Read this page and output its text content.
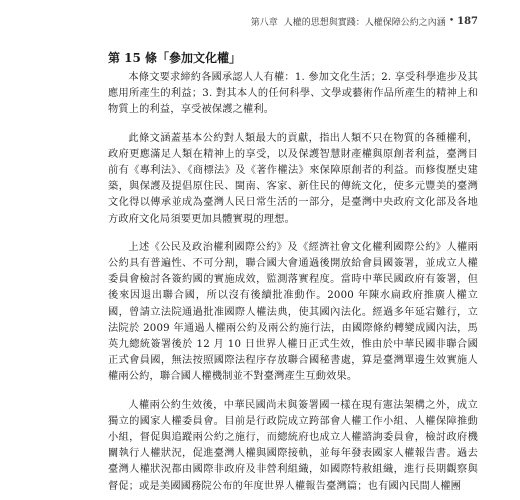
第八章 人權的思想與實踐：人權保障公約之內涵 • 187
第 15 條「參加文化權」

本條文要求締約各國承認人人有權：1. 參加文化生活；2. 享受科學進步及其應用所產生的利益；3. 對其本人的任何科學、文學或藝術作品所產生的精神上和物質上的利益，享受被保護之權利。

此條文涵蓋基本公約對人類最大的貢獻，指出人類不只在物質的各種權利，政府更應滿足人類在精神上的享受，以及保護智慧財產權與原創者利益，臺灣目前有《專利法》、《商標法》及《著作權法》來保障原創者的利益。而修復歷史建築，與保護及提倡原住民、閩南、客家、新住民的傳統文化，使多元豐美的臺灣文化得以傳承並成為臺灣人民日常生活的一部分，是臺灣中央政府文化部及各地方政府文化局須要更加具體實現的理想。

上述《公民及政治權利國際公約》及《經濟社會文化權利國際公約》人權兩公約具有普遍性、不可分割，聯合國大會通過後開放給會員國簽署，並成立人權委員會檢討各簽約國的實施成效，監測落實程度。當時中華民國政府有簽署，但後來因退出聯合國，所以沒有後續批准動作。2000 年陳水扁政府推廣人權立國，曾請立法院通過批准國際人權法典，使其國內法化。經過多年延宕難行，立法院於 2009 年通過人權兩公約及兩公約施行法，由國際條約轉變成國內法，馬英九總統簽署後於 12 月 10 日世界人權日正式生效，惟由於中華民國非聯合國正式會員國，無法按照國際法程序存放聯合國秘書處，算是臺灣單邊生效實施人權兩公約，聯合國人權機制並不對臺灣產生互動效果。

人權兩公約生效後，中華民國尚未與簽署國一樣在現有憲法架構之外，成立獨立的國家人權委員會。目前是行政院成立跨部會人權工作小組、人權保障推動小組，督促與追蹤兩公約之施行，而總統府也成立人權諮詢委員會，檢討政府機關執行人權狀況，促進臺灣人權與國際接軌，並每年發表國家人權報告書。過去臺灣人權狀況都由國際非政府及非營利組織，如國際特赦組織，進行長期觀察與督促；或是美國國務院公布的年度世界人權報告臺灣篇；也有國內民間人權團
